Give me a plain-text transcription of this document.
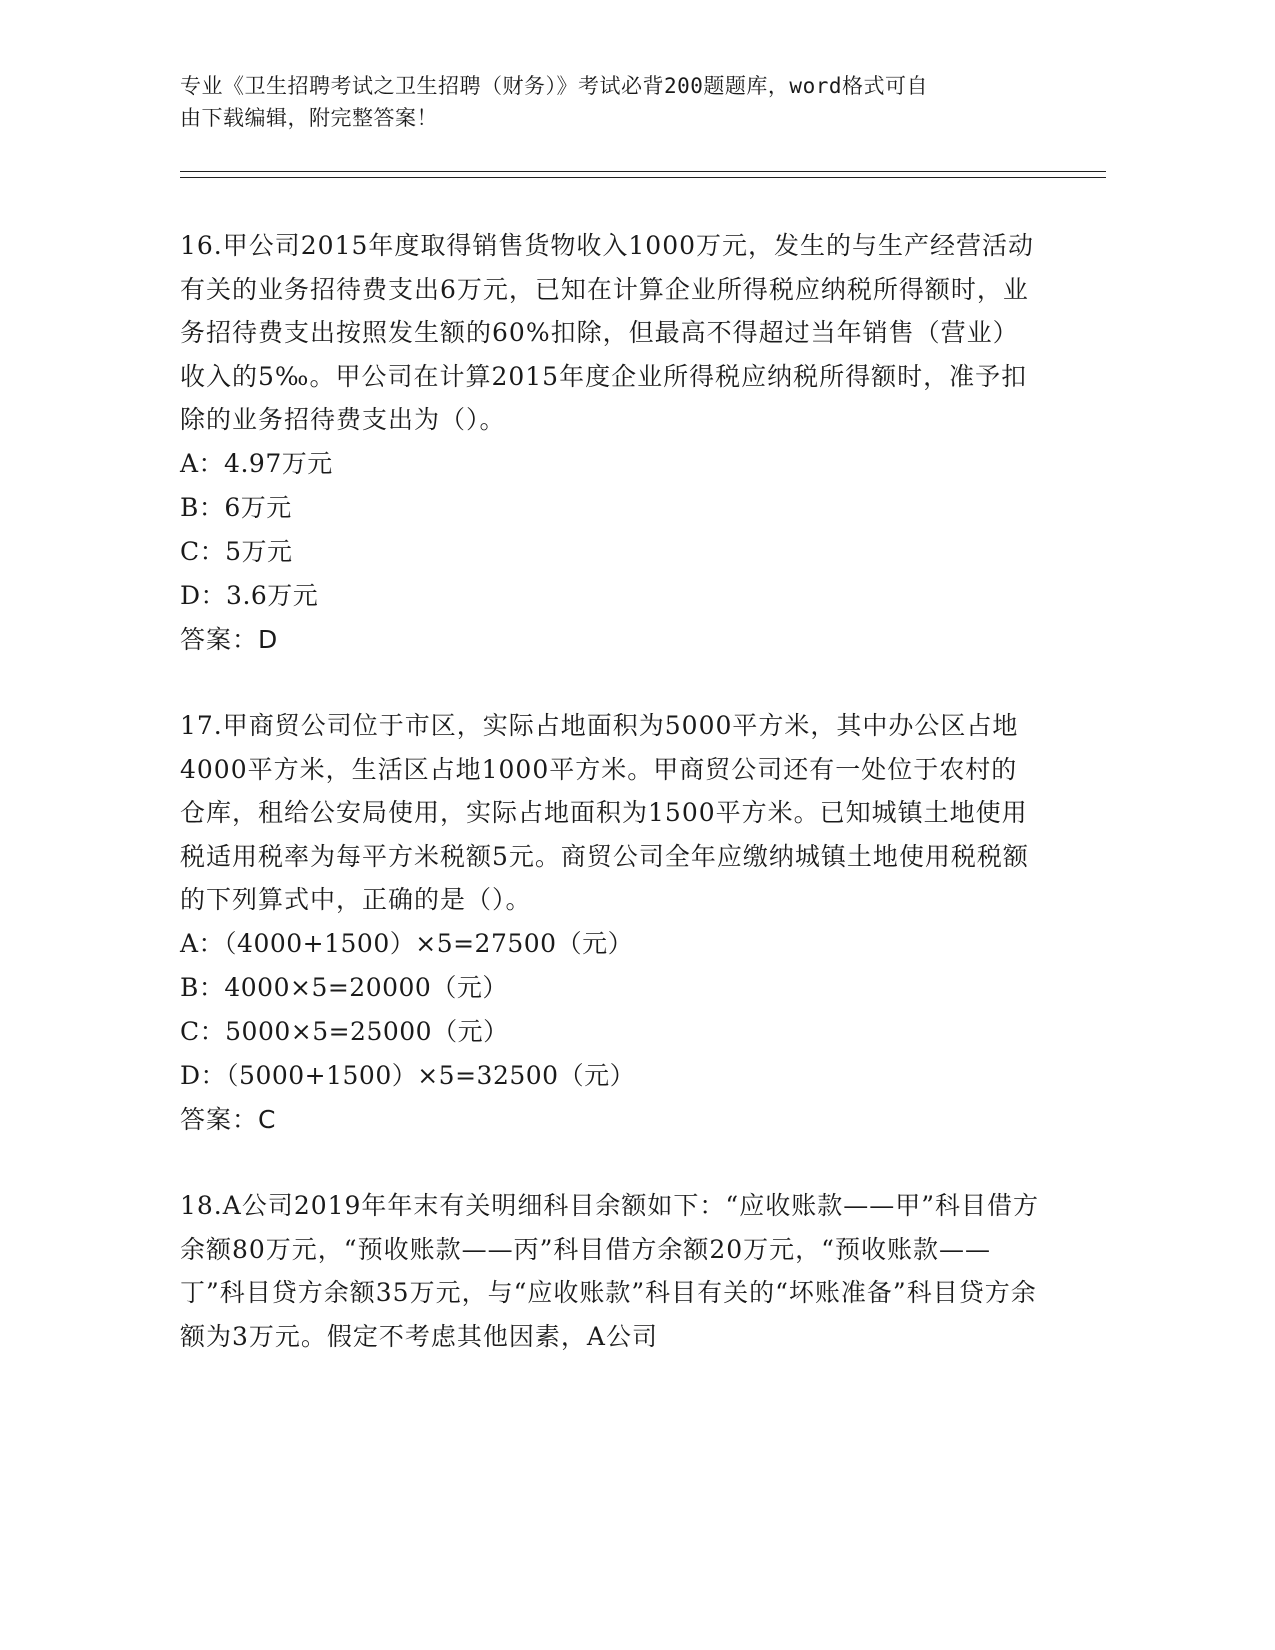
专业《卫生招聘考试之卫生招聘（财务）》考试必背200题题库，word格式可自
由下载编辑，附完整答案！

16.甲公司2015年度取得销售货物收入1000万元，发生的与生产经营活动有关的业务招待费支出6万元，已知在计算企业所得税应纳税所得额时，业务招待费支出按照发生额的60%扣除，但最高不得超过当年销售（营业）收入的5‰。甲公司在计算2015年度企业所得税应纳税所得额时，准予扣除的业务招待费支出为（）。

A：4.97万元

B：6万元

C：5万元

D：3.6万元

答案：D

17.甲商贸公司位于市区，实际占地面积为5000平方米，其中办公区占地4000平方米，生活区占地1000平方米。甲商贸公司还有一处位于农村的仓库，租给公安局使用，实际占地面积为1500平方米。已知城镇土地使用税适用税率为每平方米税额5元。商贸公司全年应缴纳城镇土地使用税税额的下列算式中，正确的是（）。

A：（4000+1500）×5=27500（元）

B：4000×5=20000（元）

C：5000×5=25000（元）

D：（5000+1500）×5=32500（元）

答案：C

18.A公司2019年年末有关明细科目余额如下：“应收账款——甲”科目借方余额80万元，“预收账款——丙”科目借方余额20万元，“预收账款——丁”科目贷方余额35万元，与“应收账款”科目有关的“坏账准备”科目贷方余额为3万元。假定不考虑其他因素，A公司
